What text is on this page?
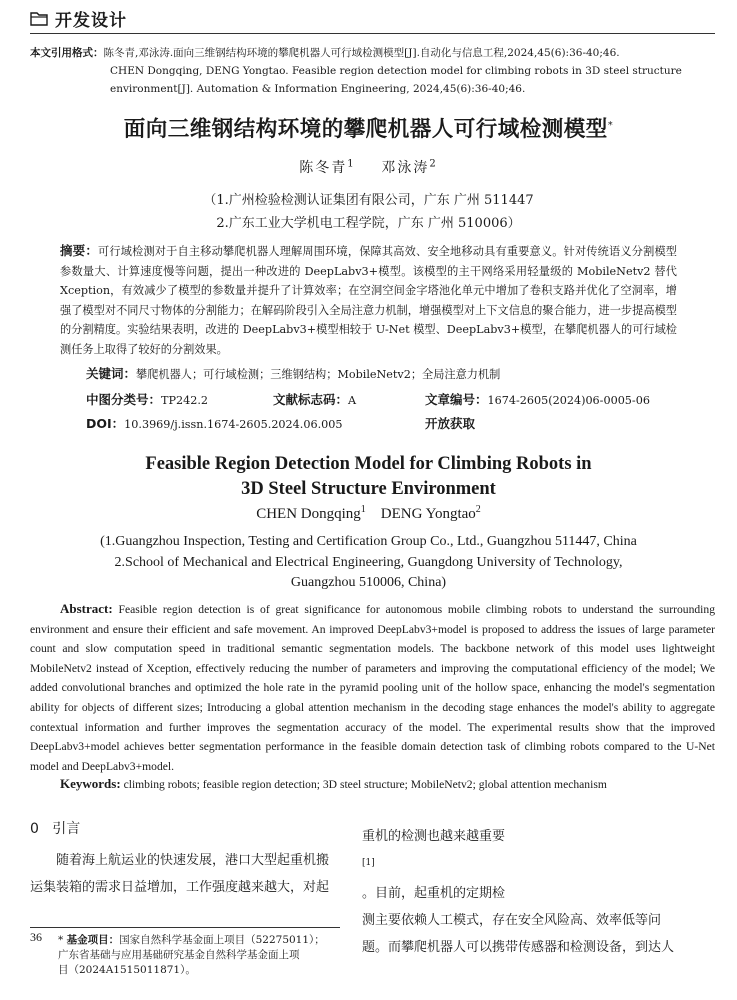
开发设计
本文引用格式：陈冬青,邓泳涛.面向三维钢结构环境的攀爬机器人可行域检测模型[J].自动化与信息工程,2024,45(6):36-40;46.
CHEN Dongqing, DENG Yongtao. Feasible region detection model for climbing robots in 3D steel structure
environment[J]. Automation & Information Engineering, 2024,45(6):36-40;46.
面向三维钢结构环境的攀爬机器人可行域检测模型*
陈冬青$^1$ 邓泳涛$^2$
（1.广州检验检测认证集团有限公司，广东 广州 511447
2.广东工业大学机电工程学院，广东 广州 510006）
摘要：可行域检测对于自主移动攀爬机器人理解周围环境，保障其高效、安全地移动具有重要意义。针对传统语义分割模型参数量大、计算速度慢等问题，提出一种改进的 DeepLabv3+模型。该模型的主干网络采用轻量级的 MobileNetv2 替代 Xception，有效减少了模型的参数量并提升了计算效率；在空洞空间金字塔池化单元中增加了卷积支路并优化了空洞率，增强了模型对不同尺寸物体的分割能力；在解码阶段引入全局注意力机制，增强模型对上下文信息的聚合能力，进一步提高模型的分割精度。实验结果表明，改进的 DeepLabv3+模型相较于 U-Net 模型、DeepLabv3+模型，在攀爬机器人的可行域检测任务上取得了较好的分割效果。
关键词：攀爬机器人；可行域检测；三维钢结构；MobileNetv2；全局注意力机制
中图分类号：TP242.2	文献标志码：A	文章编号：1674-2605(2024)06-0005-06
DOI：10.3969/j.issn.1674-2605.2024.06.005	开放获取
Feasible Region Detection Model for Climbing Robots in
3D Steel Structure Environment
CHEN Dongqing$^1$ DENG Yongtao$^2$
(1.Guangzhou Inspection, Testing and Certification Group Co., Ltd., Guangzhou 511447, China
2.School of Mechanical and Electrical Engineering, Guangdong University of Technology,
Guangzhou 510006, China)
Abstract: Feasible region detection is of great significance for autonomous mobile climbing robots to understand the surrounding environment and ensure their efficient and safe movement. An improved DeepLabv3+model is proposed to address the issues of large parameter count and slow computation speed in traditional semantic segmentation models. The backbone network of this model uses lightweight MobileNetv2 instead of Xception, effectively reducing the number of parameters and improving the computational efficiency of the model; We added convolutional branches and optimized the hole rate in the pyramid pooling unit of the hollow space, enhancing the model's segmentation ability for objects of different sizes; Introducing a global attention mechanism in the decoding stage enhances the model's ability to aggregate contextual information and further improves the segmentation accuracy of the model. The experimental results show that the improved DeepLabv3+model achieves better segmentation performance in the feasible domain detection task of climbing robots compared to the U-Net model and DeepLabv3+model.
Keywords: climbing robots; feasible region detection; 3D steel structure; MobileNetv2; global attention mechanism
0 引言
随着海上航运业的快速发展，港口大型起重机搬
运集装箱的需求日益增加，工作强度越来越大，对起
重机的检测也越来越重要
[1]
。目前，起重机的定期检
测主要依赖人工模式，存在安全风险高、效率低等问
题。而攀爬机器人可以携带传感器和检测设备，到达人
36 * 基金项目：国家自然科学基金面上项目（52275011）；
广东省基础与应用基础研究基金自然科学基金面上项
目（2024A1515011871）。
